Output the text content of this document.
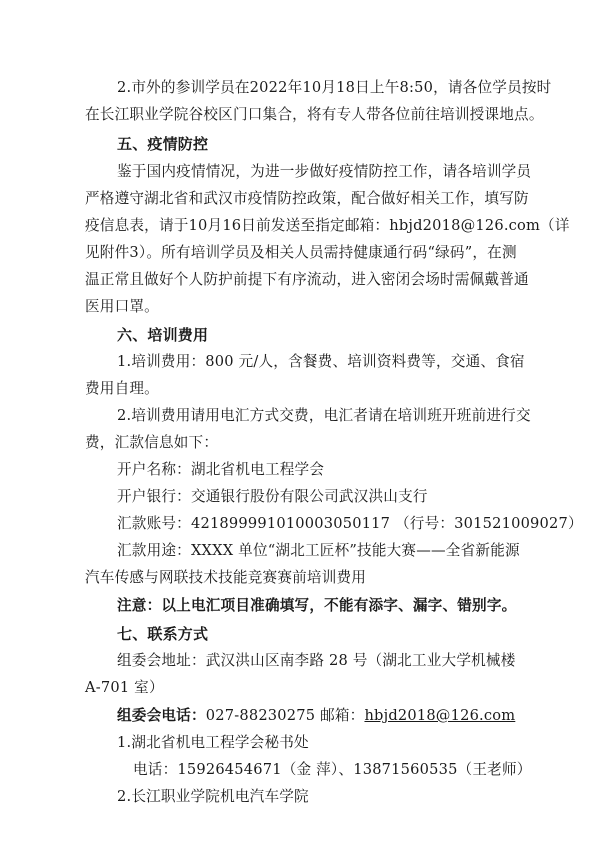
2.市外的参训学员在2022年10月18日上午8:50，请各位学员按时
在长江职业学院谷校区门口集合，将有专人带各位前往培训授课地点。
五、疫情防控
鉴于国内疫情情况，为进一步做好疫情防控工作，请各培训学员
严格遵守湖北省和武汉市疫情防控政策，配合做好相关工作，填写防
疫信息表，请于10月16日前发送至指定邮箱：hbjd2018@126.com（详
见附件3）。所有培训学员及相关人员需持健康通行码“绿码”，在测
温正常且做好个人防护前提下有序流动，进入密闭会场时需佩戴普通
医用口罩。
六、培训费用
1.培训费用：800 元/人，含餐费、培训资料费等，交通、食宿
费用自理。
2.培训费用请用电汇方式交费，电汇者请在培训班开班前进行交
费，汇款信息如下：
开户名称：湖北省机电工程学会
开户银行：交通银行股份有限公司武汉洪山支行
汇款账号：421899991010003050117 （行号：301521009027）
汇款用途：XXXX 单位“湖北工匠杯”技能大赛——全省新能源
汽车传感与网联技术技能竞赛赛前培训费用
注意：以上电汇项目准确填写，不能有添字、漏字、错别字。
七、联系方式
组委会地址：武汉洪山区南李路 28 号（湖北工业大学机械楼
A-701 室）
组委会电话：027-88230275 邮箱：hbjd2018@126.com
1.湖北省机电工程学会秘书处
电话：15926454671（金 萍）、13871560535（王老师）
2.长江职业学院机电汽车学院
